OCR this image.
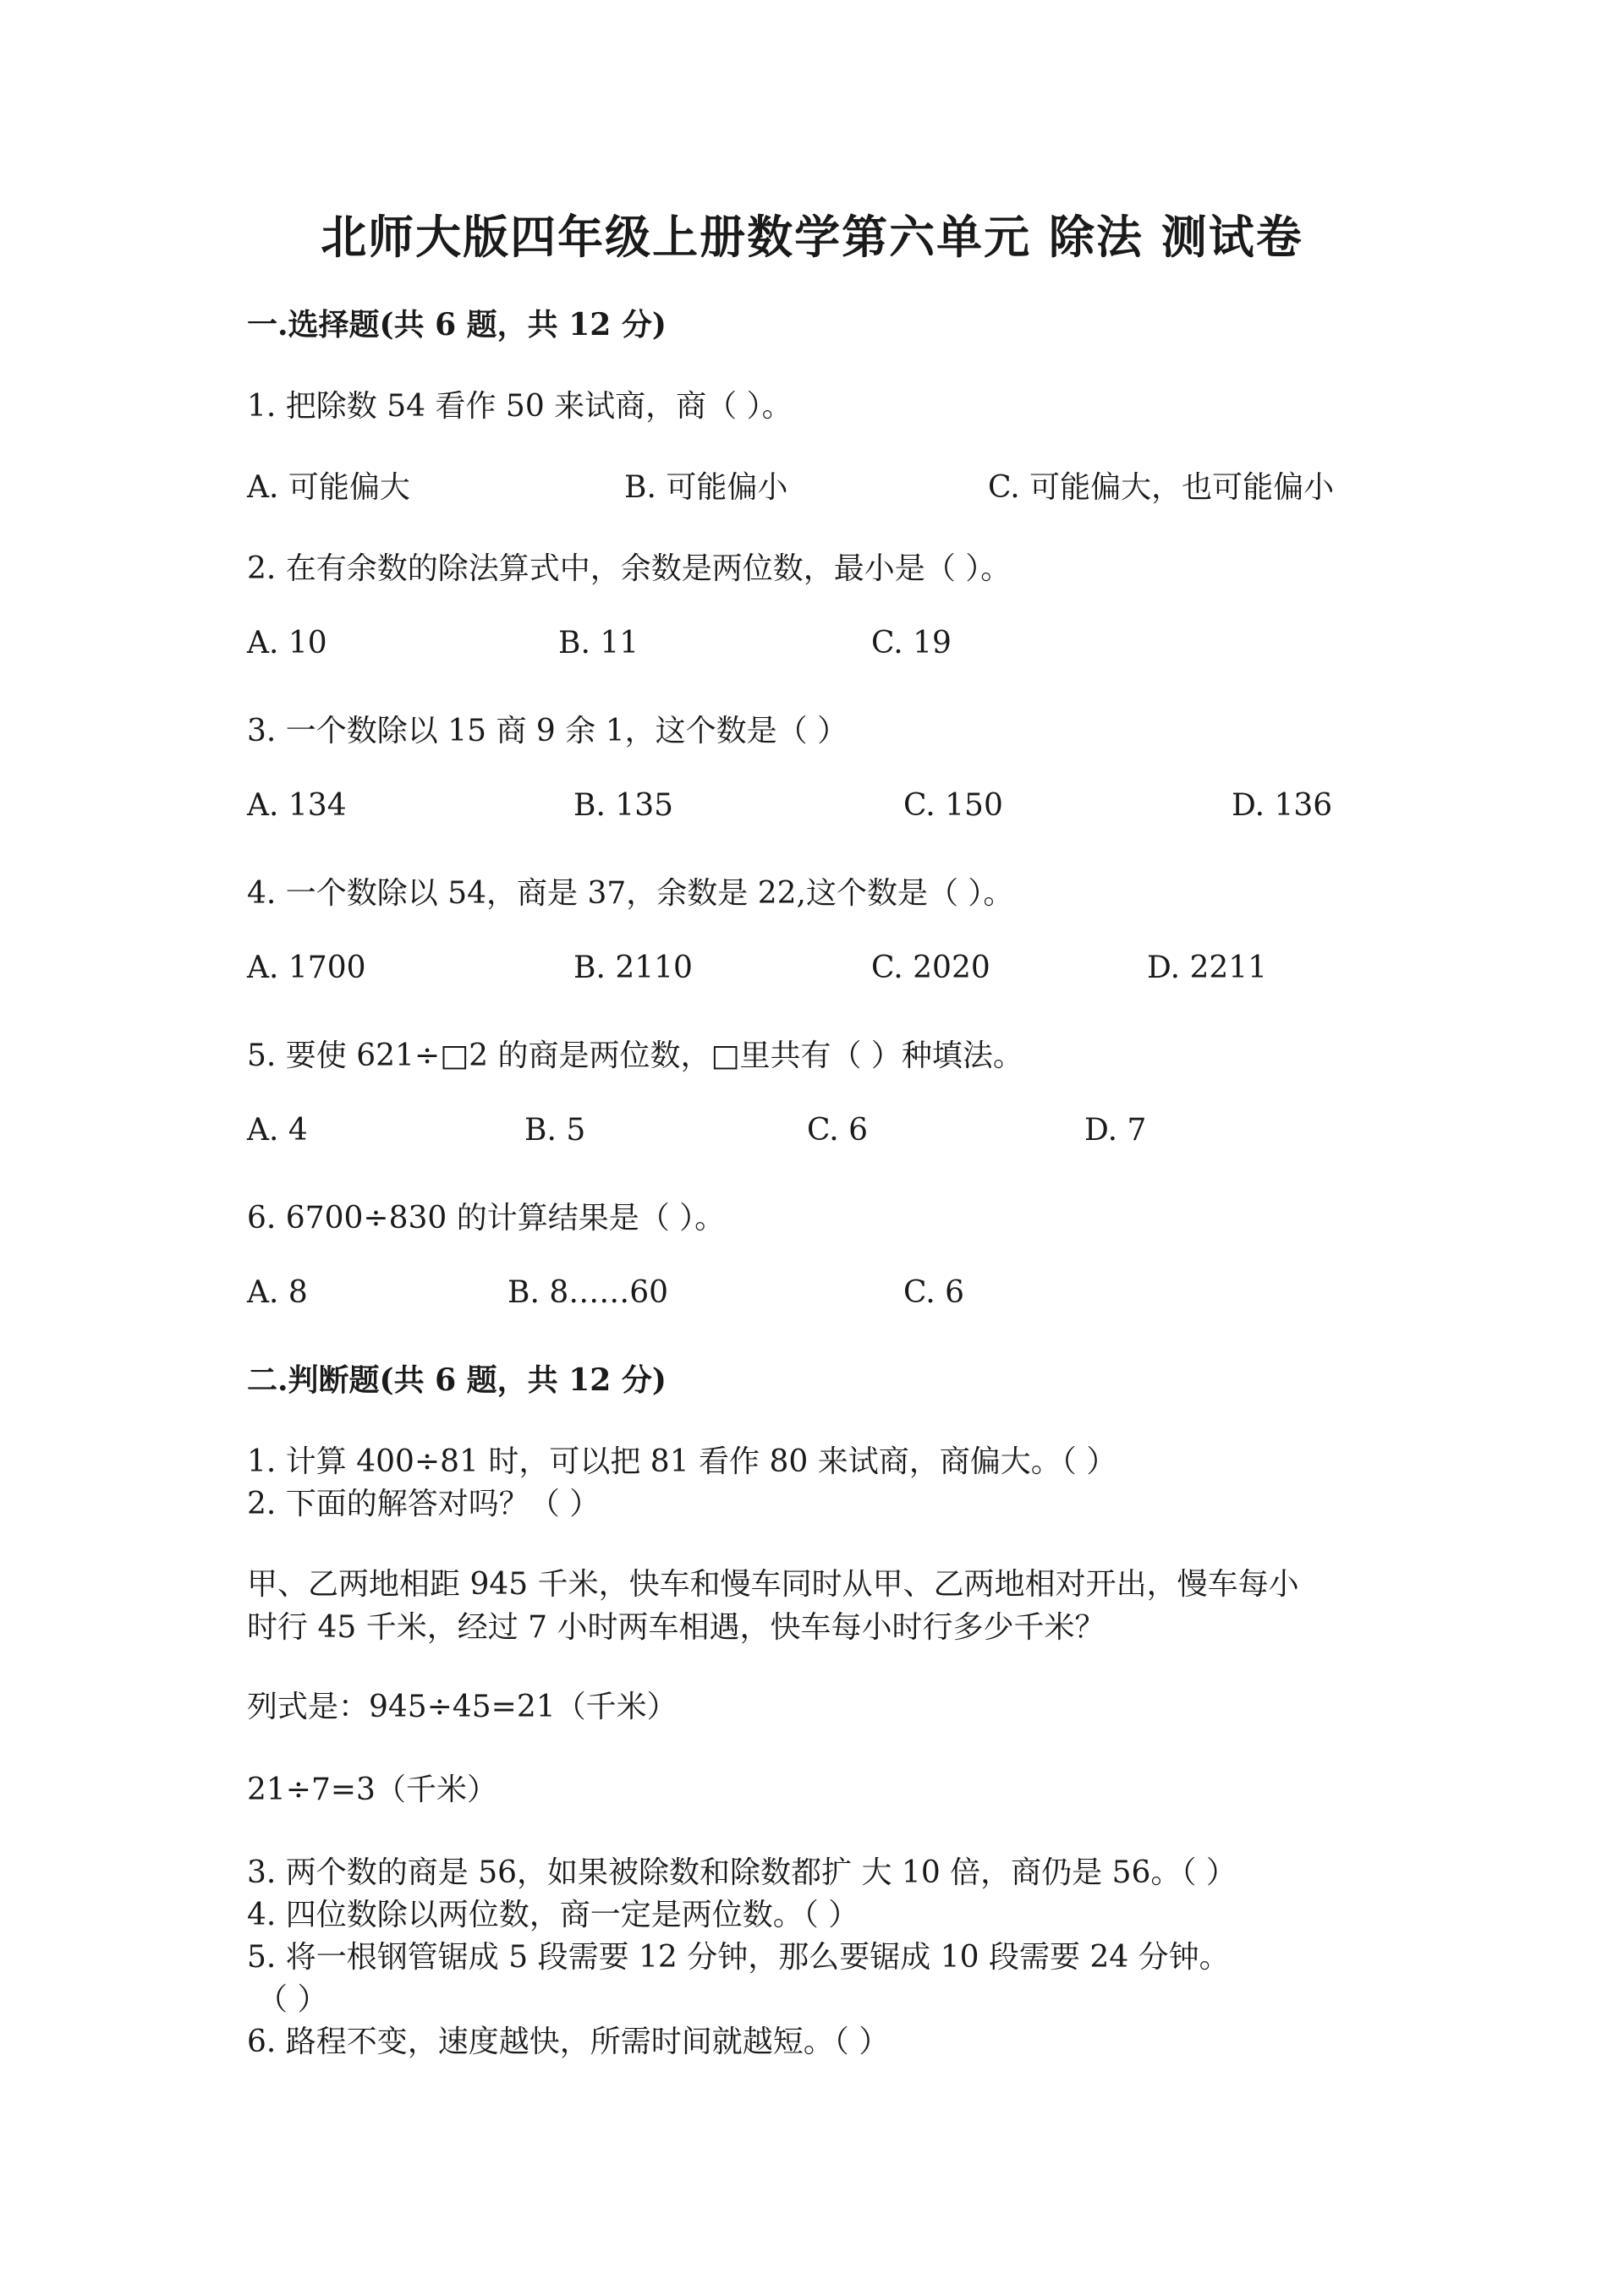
北师大版四年级上册数学第六单元 除法 测试卷
一.选择题(共 6 题，共 12 分)
1. 把除数 54 看作 50 来试商，商（ ）。
A. 可能偏大	B. 可能偏小	C. 可能偏大，也可能偏小
2. 在有余数的除法算式中，余数是两位数，最小是（ ）。
A. 10	B. 11	C. 19
3. 一个数除以 15 商 9 余 1，这个数是（ ）
A. 134	B. 135	C. 150	D. 136
4. 一个数除以 54，商是 37，余数是 22,这个数是（ ）。
A. 1700	B. 2110	C. 2020	D. 2211
5. 要使 621÷□2 的商是两位数，□里共有（ ）种填法。
A. 4	B. 5	C. 6	D. 7
6. 6700÷830 的计算结果是（ ）。
A. 8	B. 8……60	C. 6
二.判断题(共 6 题，共 12 分)
1. 计算 400÷81 时，可以把 81 看作 80 来试商，商偏大。（ ）
2. 下面的解答对吗？（ ）
甲、乙两地相距 945 千米，快车和慢车同时从甲、乙两地相对开出，慢车每小
时行 45 千米，经过 7 小时两车相遇，快车每小时行多少千米？
列式是：945÷45=21（千米）
21÷7=3（千米）
3. 两个数的商是 56，如果被除数和除数都扩 大 10 倍，商仍是 56。（ ）
4. 四位数除以两位数，商一定是两位数。（ ）
5. 将一根钢管锯成 5 段需要 12 分钟，那么要锯成 10 段需要 24 分钟。
（ ）
6. 路程不变，速度越快，所需时间就越短。（ ）
